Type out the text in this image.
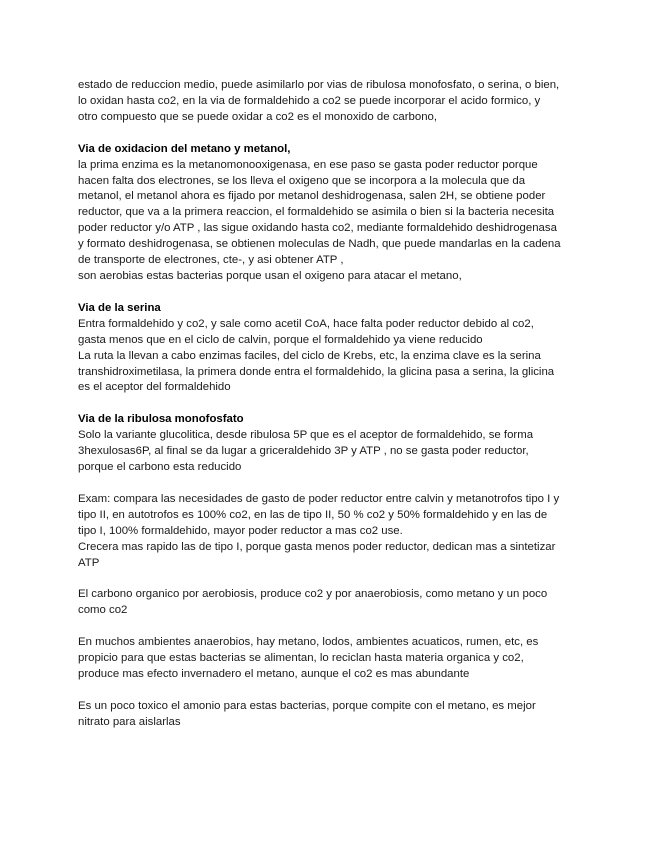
estado de reduccion medio, puede asimilarlo por vias de ribulosa monofosfato, o serina, o bien,
lo oxidan hasta co2, en la via de formaldehido a co2 se puede incorporar el acido formico, y
otro compuesto que se puede oxidar a co2 es el monoxido de carbono,
Via de oxidacion del metano y metanol,
la prima enzima es la metanomonooxigenasa, en ese paso se gasta poder reductor porque
hacen falta dos electrones, se los lleva el oxigeno que se incorpora a la molecula que da
metanol, el metanol ahora es fijado por metanol deshidrogenasa, salen 2H, se obtiene poder
reductor, que va a la primera reaccion, el formaldehido se asimila o bien si la bacteria necesita
poder reductor y/o ATP , las sigue oxidando hasta co2, mediante formaldehido deshidrogenasa
y formato deshidrogenasa, se obtienen moleculas de Nadh, que puede mandarlas en la cadena
de transporte de electrones, cte-, y asi obtener ATP ,
son aerobias estas bacterias porque usan el oxigeno para atacar el metano,
Via de la serina
Entra formaldehido y co2, y sale como acetil CoA, hace falta poder reductor debido al co2,
gasta menos que en el ciclo de calvin, porque el formaldehido ya viene reducido
La ruta la llevan a cabo enzimas faciles, del ciclo de Krebs, etc, la enzima clave es la serina
transhidroximetilasa, la primera donde entra el formaldehido, la glicina pasa a serina, la glicina
es el aceptor del formaldehido
Via de la ribulosa monofosfato
Solo la variante glucolitica, desde ribulosa 5P que es el aceptor de formaldehido, se forma
3hexulosas6P, al final se da lugar a griceraldehido 3P y ATP , no se gasta poder reductor,
porque el carbono esta reducido
Exam: compara las necesidades de gasto de poder reductor entre calvin y metanotrofos tipo I y
tipo II, en autotrofos es 100% co2, en las de tipo II, 50 % co2 y 50% formaldehido y en las de
tipo I, 100% formaldehido, mayor poder reductor a mas co2 use.
Crecera mas rapido las de tipo I, porque gasta menos poder reductor, dedican mas a sintetizar
ATP
El carbono organico por aerobiosis, produce co2 y por anaerobiosis, como metano y un poco
como co2
En muchos ambientes anaerobios, hay metano, lodos, ambientes acuaticos, rumen, etc, es
propicio para que estas bacterias se alimentan, lo reciclan hasta materia organica y co2,
produce mas efecto invernadero el metano, aunque el co2 es mas abundante
Es un poco toxico el amonio para estas bacterias, porque compite con el metano, es mejor
nitrato para aislarlas
